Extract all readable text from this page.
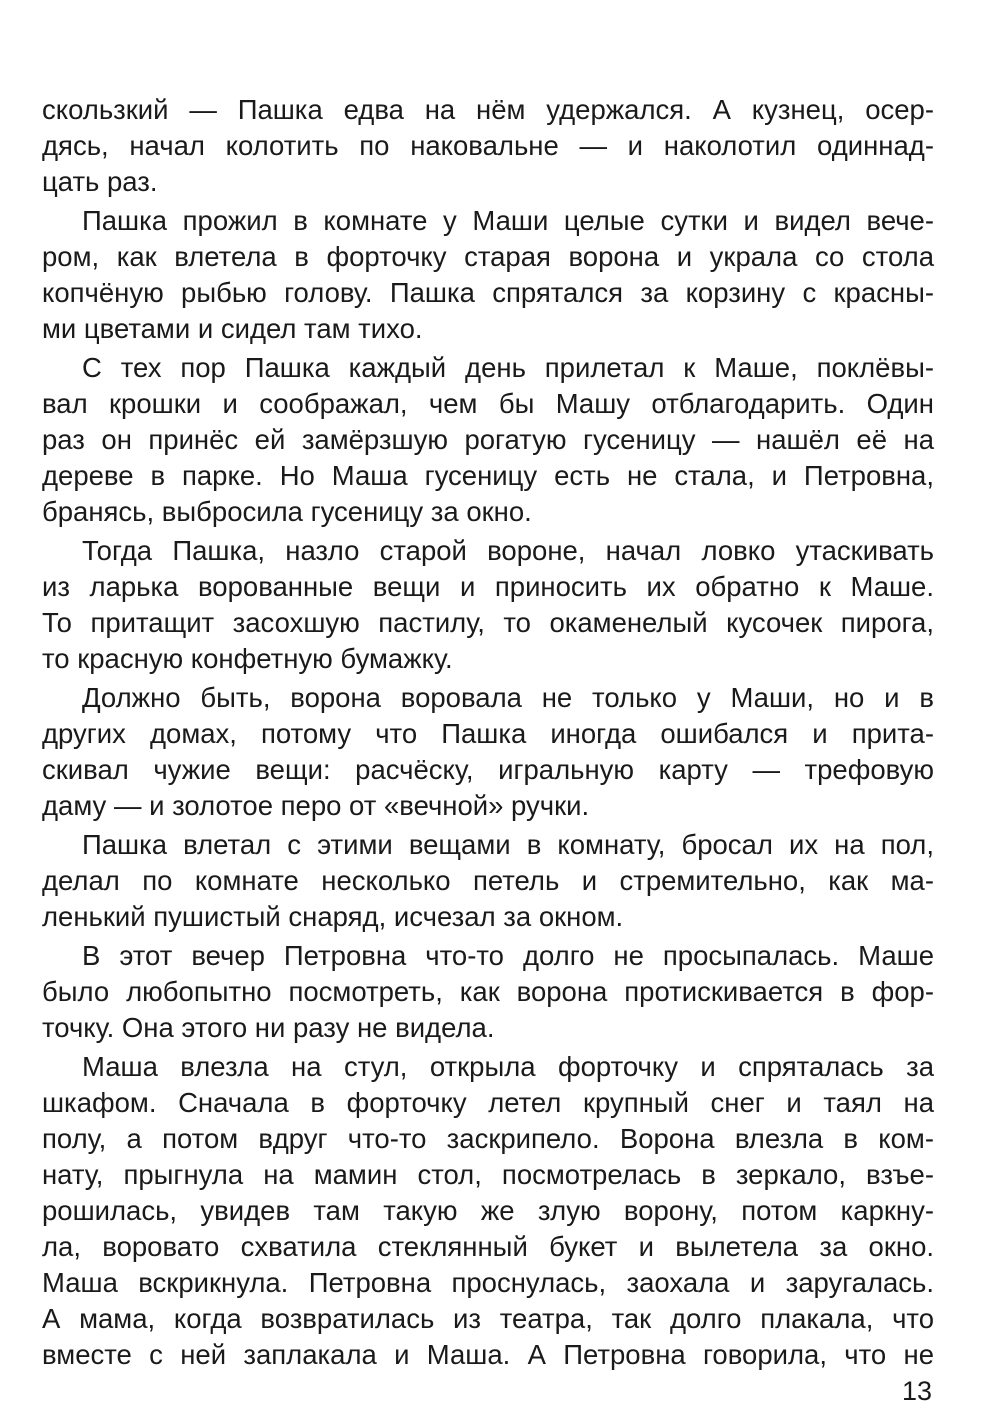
скользкий — Пашка едва на нём удержался. А кузнец, осер-
дясь, начал колотить по наковальне — и наколотил одиннад-
цать раз.
Пашка прожил в комнате у Маши целые сутки и видел вече-
ром, как влетела в форточку старая ворона и украла со стола
копчёную рыбью голову. Пашка спрятался за корзину с красны-
ми цветами и сидел там тихо.
С тех пор Пашка каждый день прилетал к Маше, поклёвы-
вал крошки и соображал, чем бы Машу отблагодарить. Один
раз он принёс ей замёрзшую рогатую гусеницу — нашёл её на
дереве в парке. Но Маша гусеницу есть не стала, и Петровна,
бранясь, выбросила гусеницу за окно.
Тогда Пашка, назло старой вороне, начал ловко утаскивать
из ларька ворованные вещи и приносить их обратно к Маше.
То притащит засохшую пастилу, то окаменелый кусочек пирога,
то красную конфетную бумажку.
Должно быть, ворона воровала не только у Маши, но и в
других домах, потому что Пашка иногда ошибался и прита-
скивал чужие вещи: расчёску, игральную карту — трефовую
даму — и золотое перо от «вечной» ручки.
Пашка влетал с этими вещами в комнату, бросал их на пол,
делал по комнате несколько петель и стремительно, как ма-
ленький пушистый снаряд, исчезал за окном.
В этот вечер Петровна что-то долго не просыпалась. Маше
было любопытно посмотреть, как ворона протискивается в фор-
точку. Она этого ни разу не видела.
Маша влезла на стул, открыла форточку и спряталась за
шкафом. Сначала в форточку летел крупный снег и таял на
полу, а потом вдруг что-то заскрипело. Ворона влезла в ком-
нату, прыгнула на мамин стол, посмотрелась в зеркало, взъе-
рошилась, увидев там такую же злую ворону, потом каркну-
ла, вороватo схватила стеклянный букет и вылетела за окно.
Маша вскрикнула. Петровна проснулась, заохала и заругалась.
А мама, когда возвратилась из театра, так долго плакала, что
вместе с ней заплакала и Маша. А Петровна говорила, что не
13
